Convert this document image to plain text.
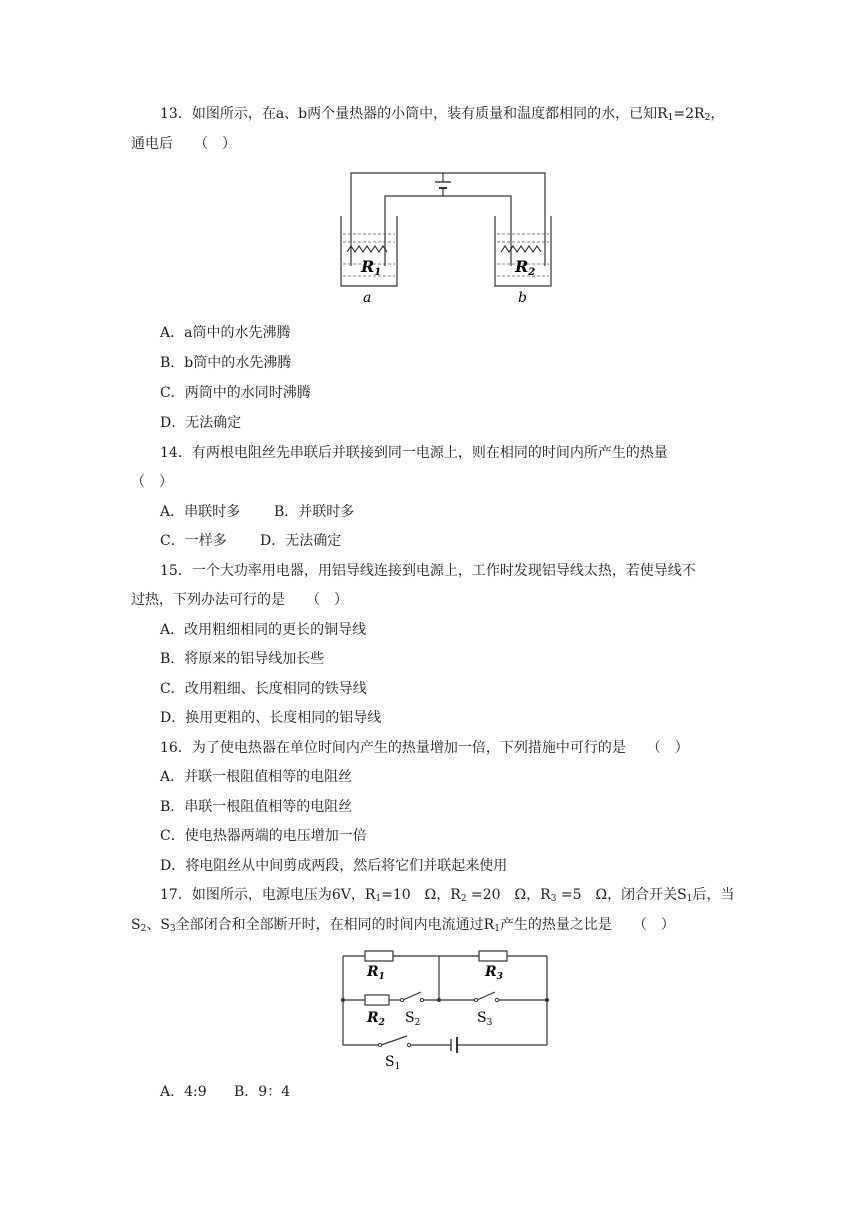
13．如图所示，在a、b两个量热器的小筒中，装有质量和温度都相同的水，已知$R_1=2R_2$，
通电后　　（　）
R1	R2
a	b
A．a筒中的水先沸腾
B．b筒中的水先沸腾
C．两筒中的水同时沸腾
D．无法确定
14．有两根电阻丝先串联后并联接到同一电源上，则在相同的时间内所产生的热量
（　）
A．串联时多 B．并联时多
C．一样多 D．无法确定
15．一个大功率用电器，用铝导线连接到电源上，工作时发现铝导线太热，若使导线不
过热，下列办法可行的是　　（　）
A．改用粗细相同的更长的铜导线
B．将原来的铝导线加长些
C．改用粗细、长度相同的铁导线
D．换用更粗的、长度相同的铝导线
16．为了使电热器在单位时间内产生的热量增加一倍，下列措施中可行的是　　（　）
A．并联一根阻值相等的电阻丝
B．串联一根阻值相等的电阻丝
C．使电热器两端的电压增加一倍
D．将电阻丝从中间剪成两段，然后将它们并联起来使用
17．如图所示，电源电压为6V，$R_1=10$　Ω，$R_2 =20$　Ω，$R_3 =5$　Ω，闭合开关$S_1$后，当
$S_2$、$S_3$全部闭合和全部断开时，在相同的时间内电流通过$R_1$产生的热量之比是　　（　）
$R_1$	$R_3$
$R_2$ $S_2$	$S_3$
$S_1$
A．4:9 B．9：4
